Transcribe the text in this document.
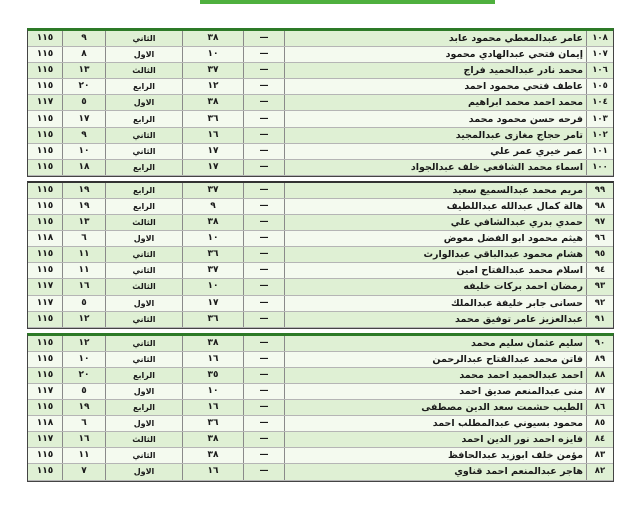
١١٥	٩	الثاني	٣٨	—	عامر عبدالمعطي محمود عابد	١٠٨
١١٥	٨	الاول	١٠	—	إيمان فتحي عبدالهادي محمود	١٠٧
١١٥	١٣	الثالث	٣٧	—	محمد نادر عبدالحميد فراج	١٠٦
١١٥	٢٠	الرابع	١٢	—	عاطف فتحي محمود احمد	١٠٥
١١٧	٥	الاول	٣٨	—	محمد احمد محمد ابراهيم	١٠٤
١١٥	١٧	الرابع	٣٦	—	فرحه حسن محمود محمد	١٠٣
١١٥	٩	الثاني	١٦	—	تامر حجاج مغازى عبدالمجيد	١٠٢
١١٥	١٠	الثاني	١٧	—	عمر خيري عمر علي	١٠١
١١٥	١٨	الرابع	١٧	—	اسماء محمد الشافعي خلف عبدالجواد	١٠٠
١١٥	١٩	الرابع	٣٧	—	مريم محمد عبدالسميع سعيد	٩٩
١١٥	١٩	الرابع	٩	—	هالة كمال عبدالله عبداللطيف	٩٨
١١٥	١٣	الثالث	٣٨	—	حمدي بدري عبدالشافي علي	٩٧
١١٨	٦	الاول	١٠	—	هيثم محمود ابو الفضل معوض	٩٦
١١٥	١١	الثاني	٣٦	—	هشام محمود عبدالباقي عبدالوارث	٩٥
١١٥	١١	الثاني	٣٧	—	اسلام محمد عبدالفتاح امين	٩٤
١١٧	١٦	الثالث	١٠	—	رمضان احمد بركات خليفه	٩٣
١١٧	٥	الاول	١٧	—	حسانى جابر خليفة عبدالملك	٩٢
١١٥	١٢	الثاني	٣٦	—	عبدالعزيز عامر توفيق محمد	٩١
١١٥	١٢	الثاني	٣٨	—	سليم عثمان سليم محمد	٩٠
١١٥	١٠	الثاني	١٦	—	فاتن محمد عبدالفتاح عبدالرحمن	٨٩
١١٥	٢٠	الرابع	٣٥	—	احمد عبدالحميد احمد محمد	٨٨
١١٧	٥	الاول	١٠	—	منى عبدالمنعم صديق احمد	٨٧
١١٥	١٩	الرابع	١٦	—	الطيب حشمت سعد الدين مصطفى	٨٦
١١٨	٦	الاول	٣٦	—	محمود بسيوني عبدالمطلب احمد	٨٥
١١٧	١٦	الثالث	٣٨	—	فايزه احمد نور الدين احمد	٨٤
١١٥	١١	الثاني	٣٨	—	مؤمن خلف ابوزيد عبدالحافظ	٨٣
١١٥	٧	الاول	١٦	—	هاجر عبدالمنعم احمد قناوي	٨٢
